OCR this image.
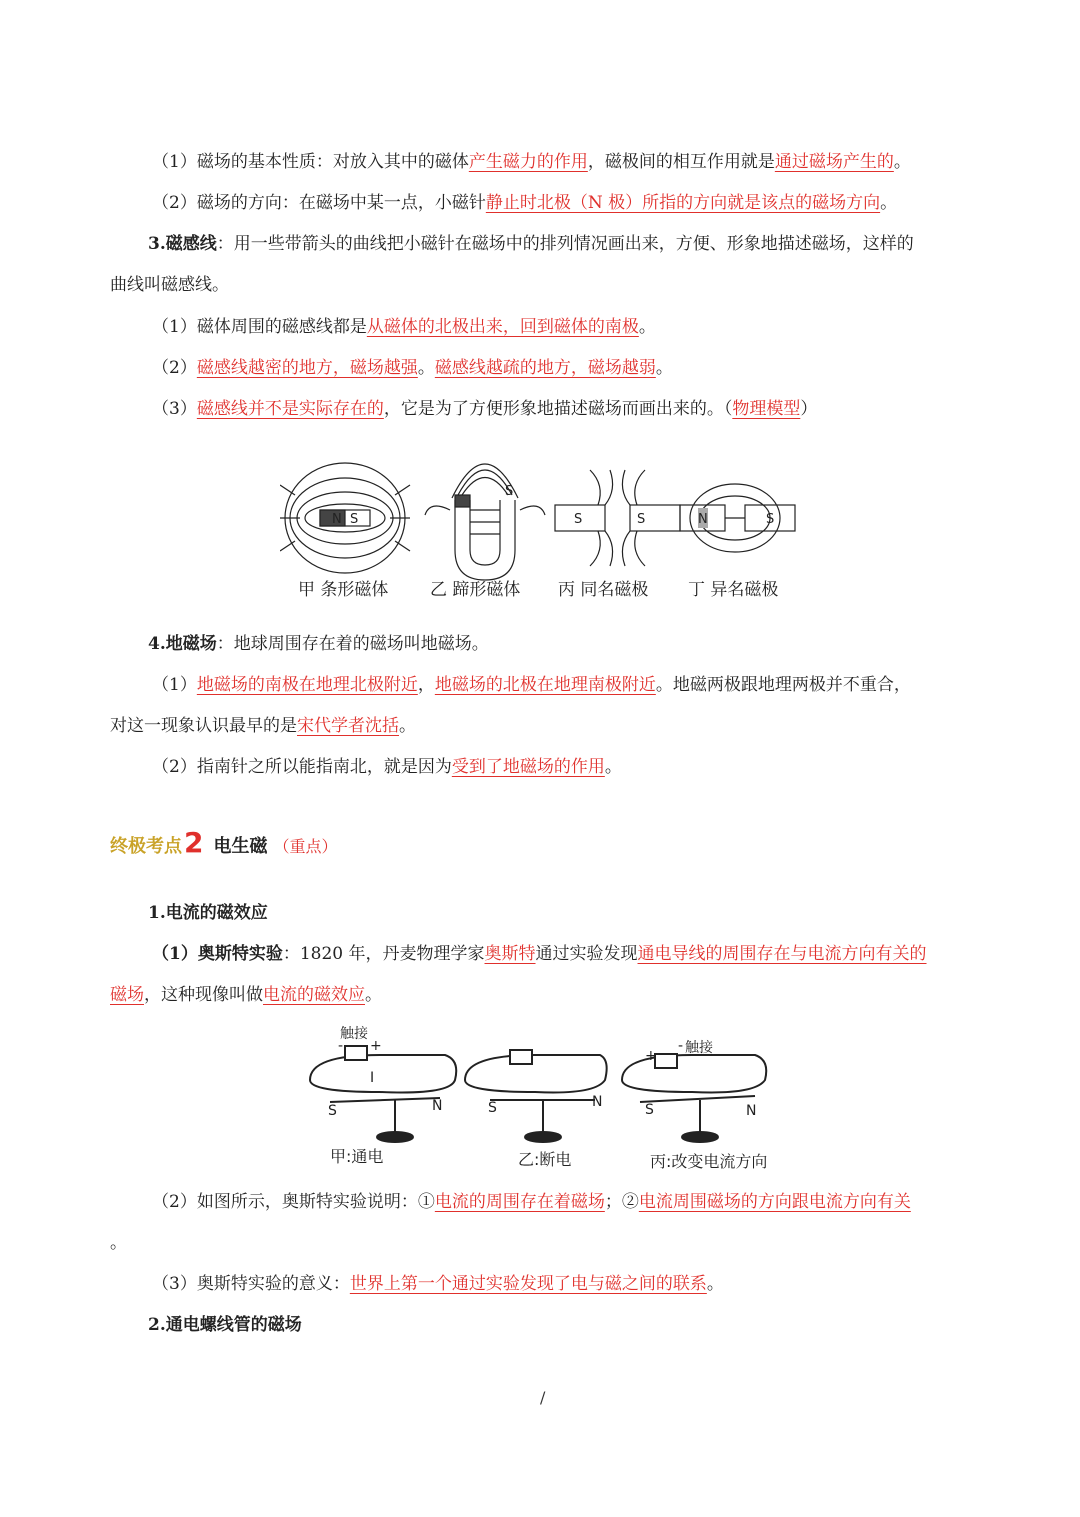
（1）磁场的基本性质：对放入其中的磁体产生磁力的作用，磁极间的相互作用就是通过磁场产生的。
（2）磁场的方向：在磁场中某一点，小磁针静止时北极（N 极）所指的方向就是该点的磁场方向。
3.磁感线：用一些带箭头的曲线把小磁针在磁场中的排列情况画出来，方便、形象地描述磁场，这样的
曲线叫磁感线。
（1）磁体周围的磁感线都是从磁体的北极出来，回到磁体的南极。
（2）磁感线越密的地方，磁场越强。磁感线越疏的地方，磁场越弱。
（3）磁感线并不是实际存在的，它是为了方便形象地描述磁场而画出来的。（物理模型）
N S
S
S	S	N	S
甲 条形磁体 乙 蹄形磁体 丙 同名磁极 丁 异名磁极
4.地磁场：地球周围存在着的磁场叫地磁场。
（1）地磁场的南极在地理北极附近，地磁场的北极在地理南极附近。地磁两极跟地理两极并不重合，
对这一现象认识最早的是宋代学者沈括。
（2）指南针之所以能指南北，就是因为受到了地磁场的作用。
终极考点2 电生磁 （重点）
1.电流的磁效应
（1）奥斯特实验：1820 年，丹麦物理学家奥斯特通过实验发现通电导线的周围存在与电流方向有关的
磁场，这种现像叫做电流的磁效应。
触接
+
-
I
S	N	S	N
触接
+
-
S	N
甲:通电	乙:断电	丙:改变电流方向
（2）如图所示，奥斯特实验说明：①电流的周围存在着磁场；②电流周围磁场的方向跟电流方向有关
。
（3）奥斯特实验的意义：世界上第一个通过实验发现了电与磁之间的联系。
2.通电螺线管的磁场
/
